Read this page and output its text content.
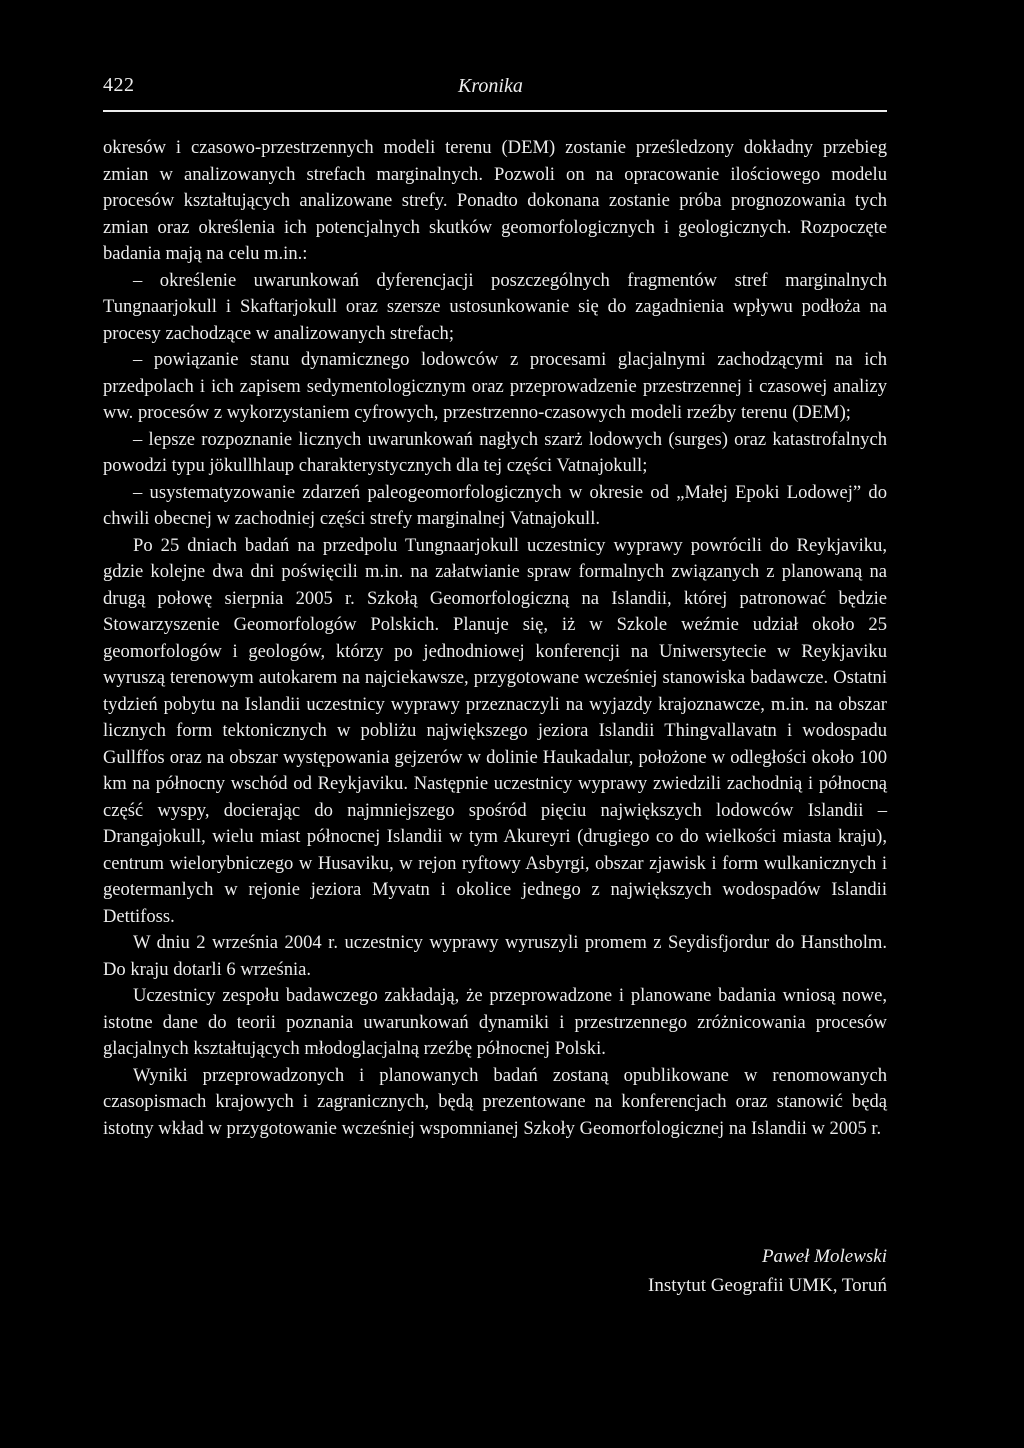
422	Kronika

okresów i czasowo-przestrzennych modeli terenu (DEM) zostanie prześledzony dokładny przebieg zmian w analizowanych strefach marginalnych. Pozwoli on na opracowanie ilościowego modelu procesów kształtujących analizowane strefy. Ponadto dokonana zostanie próba prognozowania tych zmian oraz określenia ich potencjalnych skutków geomorfologicznych i geologicznych. Rozpoczęte badania mają na celu m.in.:

– określenie uwarunkowań dyferencjacji poszczególnych fragmentów stref marginalnych Tungnaarjokull i Skaftarjokull oraz szersze ustosunkowanie się do zagadnienia wpływu podłoża na procesy zachodzące w analizowanych strefach;

– powiązanie stanu dynamicznego lodowców z procesami glacjalnymi zachodzącymi na ich przedpolach i ich zapisem sedymentologicznym oraz przeprowadzenie przestrzennej i czasowej analizy ww. procesów z wykorzystaniem cyfrowych, przestrzenno-czasowych modeli rzeźby terenu (DEM);

– lepsze rozpoznanie licznych uwarunkowań nagłych szarż lodowych (surges) oraz katastrofalnych powodzi typu jökullhlaup charakterystycznych dla tej części Vatnajokull;

– usystematyzowanie zdarzeń paleogeomorfologicznych w okresie od „Małej Epoki Lodowej” do chwili obecnej w zachodniej części strefy marginalnej Vatnajokull.

Po 25 dniach badań na przedpolu Tungnaarjokull uczestnicy wyprawy powrócili do Reykjaviku, gdzie kolejne dwa dni poświęcili m.in. na załatwianie spraw formalnych związanych z planowaną na drugą połowę sierpnia 2005 r. Szkołą Geomorfologiczną na Islandii, której patronować będzie Stowarzyszenie Geomorfologów Polskich. Planuje się, iż w Szkole weźmie udział około 25 geomorfologów i geologów, którzy po jednodniowej konferencji na Uniwersytecie w Reykjaviku wyruszą terenowym autokarem na najciekawsze, przygotowane wcześniej stanowiska badawcze. Ostatni tydzień pobytu na Islandii uczestnicy wyprawy przeznaczyli na wyjazdy krajoznawcze, m.in. na obszar licznych form tektonicznych w pobliżu największego jeziora Islandii Thingvallavatn i wodospadu Gullffos oraz na obszar występowania gejzerów w dolinie Haukadalur, położone w odległości około 100 km na północny wschód od Reykjaviku. Następnie uczestnicy wyprawy zwiedzili zachodnią i północną część wyspy, docierając do najmniejszego spośród pięciu największych lodowców Islandii – Drangajokull, wielu miast północnej Islandii w tym Akureyri (drugiego co do wielkości miasta kraju), centrum wielorybniczego w Husaviku, w rejon ryftowy Asbyrgi, obszar zjawisk i form wulkanicznych i geotermanlych w rejonie jeziora Myvatn i okolice jednego z największych wodospadów Islandii Dettifoss.

W dniu 2 września 2004 r. uczestnicy wyprawy wyruszyli promem z Seydisfjordur do Hanstholm. Do kraju dotarli 6 września.

Uczestnicy zespołu badawczego zakładają, że przeprowadzone i planowane badania wniosą nowe, istotne dane do teorii poznania uwarunkowań dynamiki i przestrzennego zróżnicowania procesów glacjalnych kształtujących młodoglacjalną rzeźbę północnej Polski.

Wyniki przeprowadzonych i planowanych badań zostaną opublikowane w renomowanych czasopismach krajowych i zagranicznych, będą prezentowane na konferencjach oraz stanowić będą istotny wkład w przygotowanie wcześniej wspomnianej Szkoły Geomorfologicznej na Islandii w 2005 r.

Paweł Molewski
Instytut Geografii UMK, Toruń
